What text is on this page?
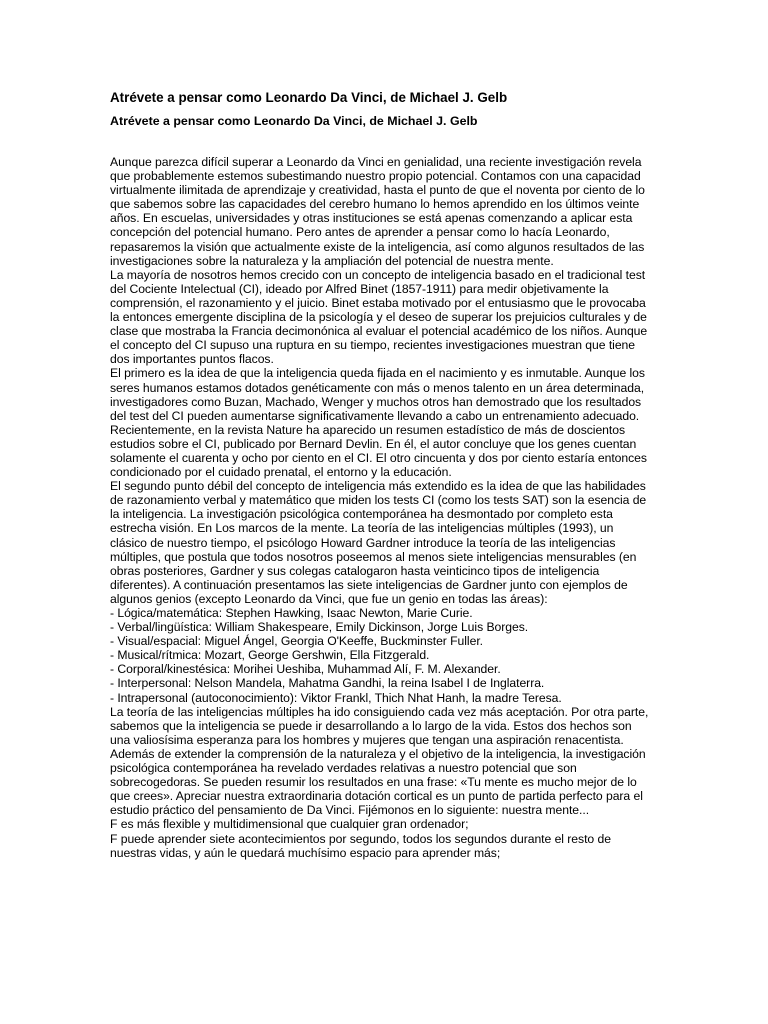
Atrévete a pensar como Leonardo Da Vinci, de Michael J. Gelb
Atrévete a pensar como Leonardo Da Vinci, de Michael J. Gelb

Aunque parezca difícil superar a Leonardo da Vinci en genialidad, una reciente investigación revela que probablemente estemos subestimando nuestro propio potencial. Contamos con una capacidad virtualmente ilimitada de aprendizaje y creatividad, hasta el punto de que el noventa por ciento de lo que sabemos sobre las capacidades del cerebro humano lo hemos aprendido en los últimos veinte años. En escuelas, universidades y otras instituciones se está apenas comenzando a aplicar esta concepción del potencial humano. Pero antes de aprender a pensar como lo hacía Leonardo, repasaremos la visión que actualmente existe de la inteligencia, así como algunos resultados de las investigaciones sobre la naturaleza y la ampliación del potencial de nuestra mente.

La mayoría de nosotros hemos crecido con un concepto de inteligencia basado en el tradicional test del Cociente Intelectual (CI), ideado por Alfred Binet (1857-1911) para medir objetivamente la comprensión, el razonamiento y el juicio. Binet estaba motivado por el entusiasmo que le provocaba la entonces emergente disciplina de la psicología y el deseo de superar los prejuicios culturales y de clase que mostraba la Francia decimonónica al evaluar el potencial académico de los niños. Aunque el concepto del CI supuso una ruptura en su tiempo, recientes investigaciones muestran que tiene dos importantes puntos flacos.

El primero es la idea de que la inteligencia queda fijada en el nacimiento y es inmutable. Aunque los seres humanos estamos dotados genéticamente con más o menos talento en un área determinada, investigadores como Buzan, Machado, Wenger y muchos otros han demostrado que los resultados del test del CI pueden aumentarse significativamente llevando a cabo un entrenamiento adecuado. Recientemente, en la revista Nature ha aparecido un resumen estadístico de más de doscientos estudios sobre el CI, publicado por Bernard Devlin. En él, el autor concluye que los genes cuentan solamente el cuarenta y ocho por ciento en el CI. El otro cincuenta y dos por ciento estaría entonces condicionado por el cuidado prenatal, el entorno y la educación.

El segundo punto débil del concepto de inteligencia más extendido es la idea de que las habilidades de razonamiento verbal y matemático que miden los tests CI (como los tests SAT) son la esencia de la inteligencia. La investigación psicológica contemporánea ha desmontado por completo esta estrecha visión. En Los marcos de la mente. La teoría de las inteligencias múltiples (1993), un clásico de nuestro tiempo, el psicólogo Howard Gardner introduce la teoría de las inteligencias múltiples, que postula que todos nosotros poseemos al menos siete inteligencias mensurables (en obras posteriores, Gardner y sus colegas catalogaron hasta veinticinco tipos de inteligencia diferentes). A continuación presentamos las siete inteligencias de Gardner junto con ejemplos de algunos genios (excepto Leonardo da Vinci, que fue un genio en todas las áreas):

- Lógica/matemática: Stephen Hawking, Isaac Newton, Marie Curie.

- Verbal/lingüística: William Shakespeare, Emily Dickinson, Jorge Luis Borges.

- Visual/espacial: Miguel Ángel, Georgia O'Keeffe, Buckminster Fuller.

- Musical/rítmica: Mozart, George Gershwin, Ella Fitzgerald.

- Corporal/kinestésica: Morihei Ueshiba, Muhammad Alí, F. M. Alexander.

- Interpersonal: Nelson Mandela, Mahatma Gandhi, la reina Isabel I de Inglaterra.

- Intrapersonal (autoconocimiento): Viktor Frankl, Thich Nhat Hanh, la madre Teresa.

La teoría de las inteligencias múltiples ha ido consiguiendo cada vez más aceptación. Por otra parte, sabemos que la inteligencia se puede ir desarrollando a lo largo de la vida. Estos dos hechos son una valiosísima esperanza para los hombres y mujeres que tengan una aspiración renacentista.

Además de extender la comprensión de la naturaleza y el objetivo de la inteligencia, la investigación psicológica contemporánea ha revelado verdades relativas a nuestro potencial que son sobrecogedoras. Se pueden resumir los resultados en una frase: «Tu mente es mucho mejor de lo que crees». Apreciar nuestra extraordinaria dotación cortical es un punto de partida perfecto para el estudio práctico del pensamiento de Da Vinci. Fijémonos en lo siguiente: nuestra mente...

F es más flexible y multidimensional que cualquier gran ordenador;

F puede aprender siete acontecimientos por segundo, todos los segundos durante el resto de nuestras vidas, y aún le quedará muchísimo espacio para aprender más;
